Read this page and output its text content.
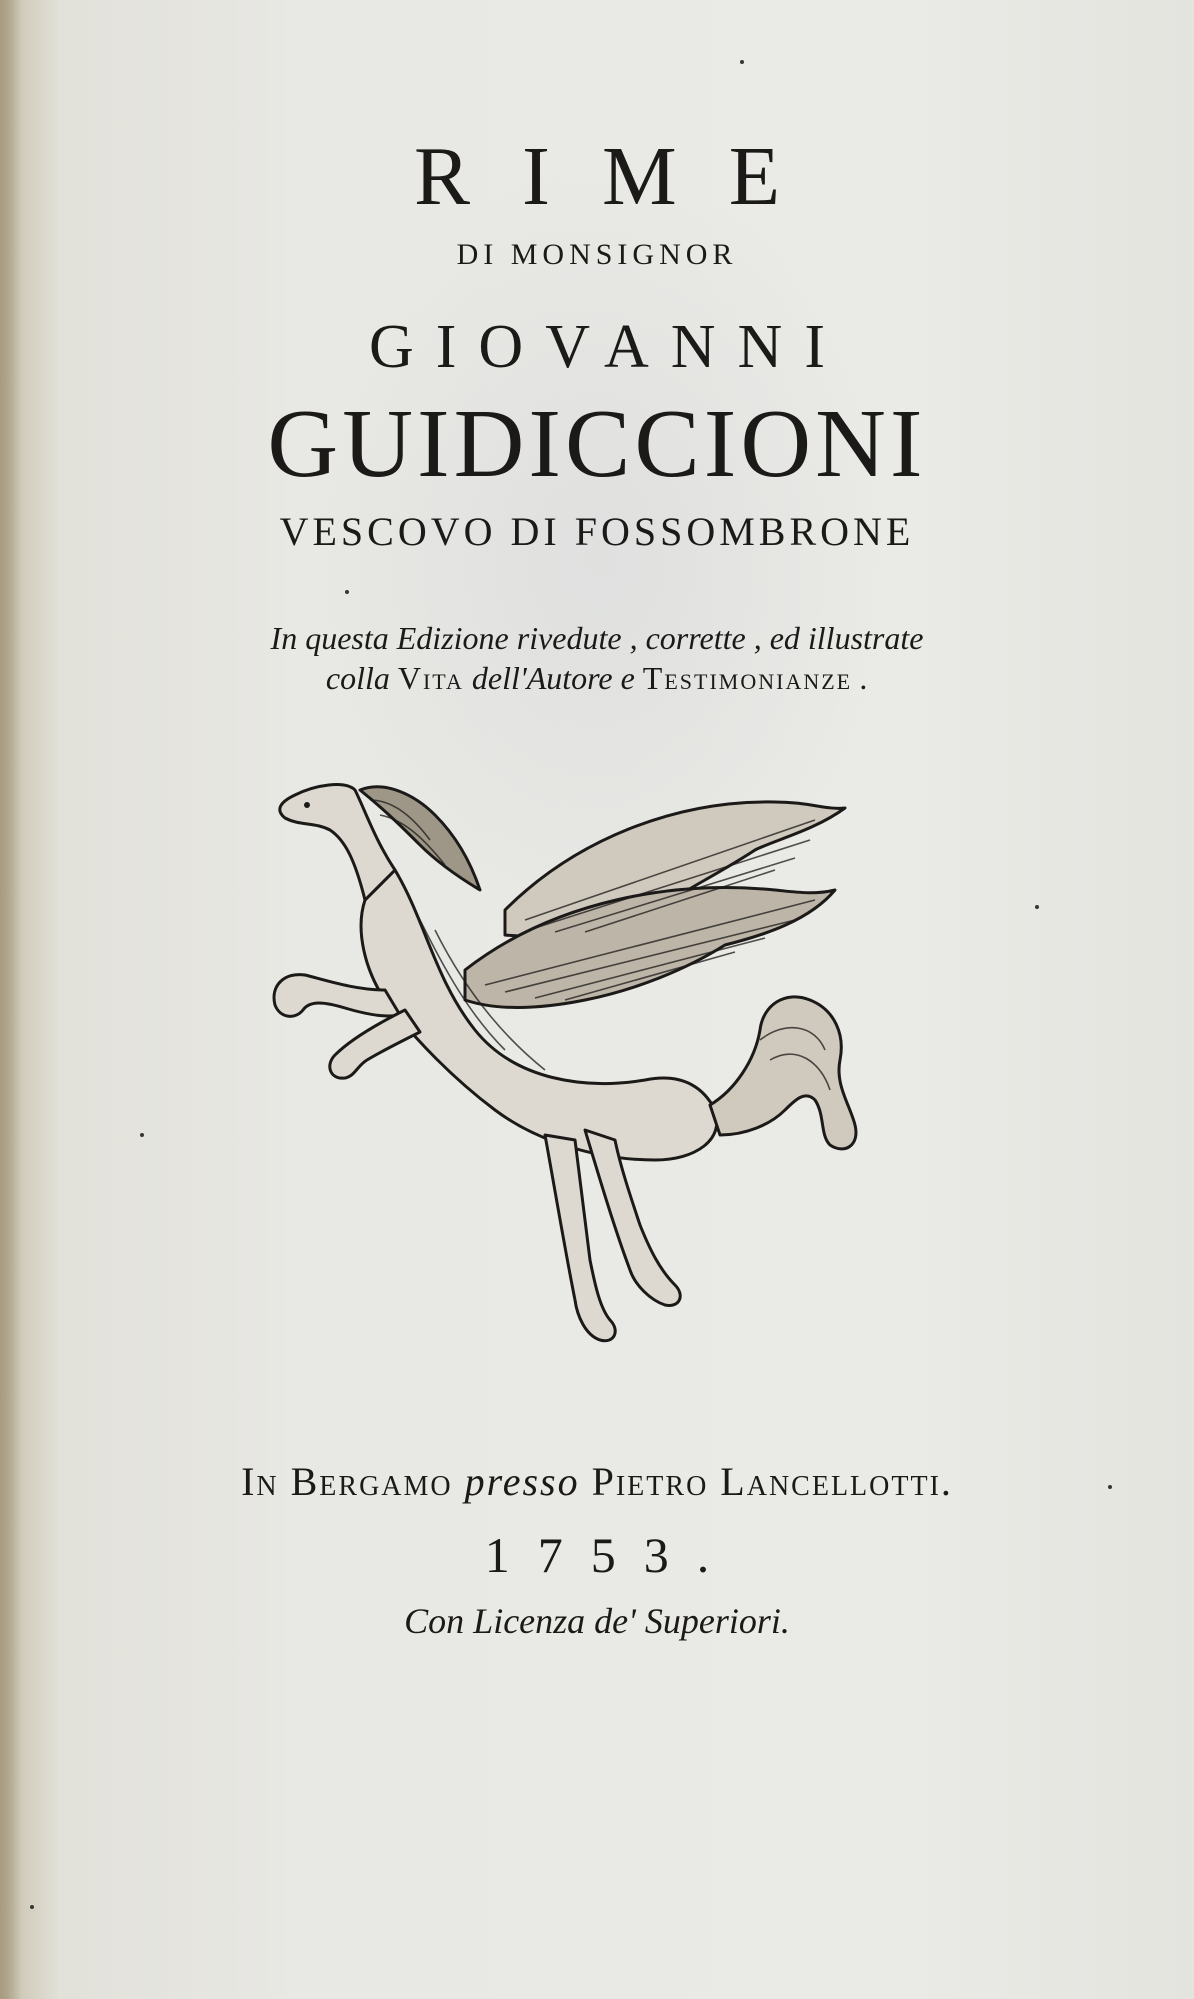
RIME
DI MONSIGNOR
GIOVANNI
GUIDICCIONI
VESCOVO DI FOSSOMBRONE
In questa Edizione rivedute , corrette , ed illustrate
colla Vita dell'Autore e Testimonianze .
In Bergamo presso Pietro Lancellotti.
1753.
Con Licenza de' Superiori.
